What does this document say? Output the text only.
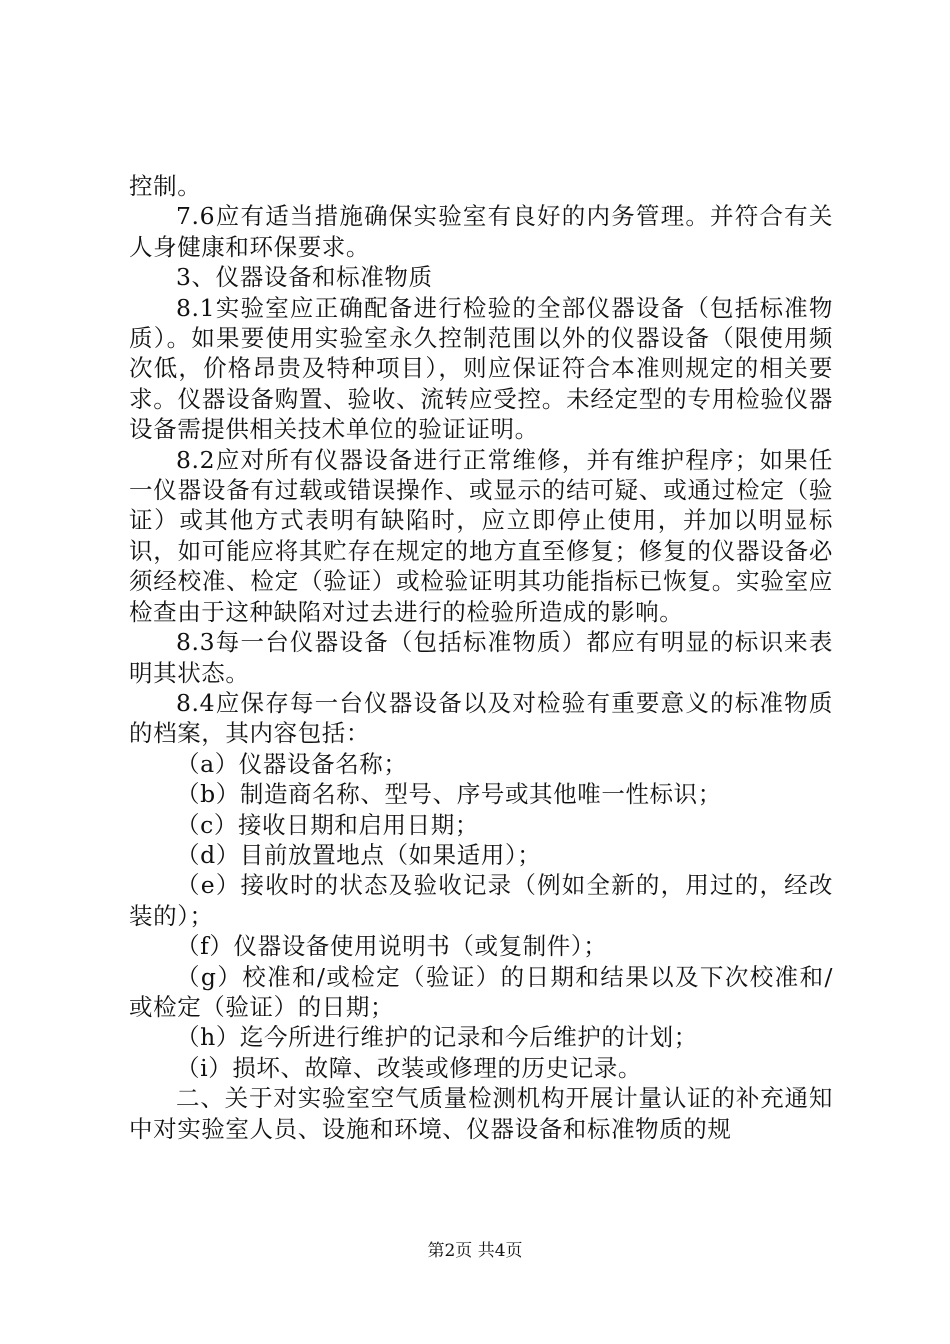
控制。

7.6应有适当措施确保实验室有良好的内务管理。并符合有关人身健康和环保要求。

3、仪器设备和标准物质

8.1实验室应正确配备进行检验的全部仪器设备（包括标准物质）。如果要使用实验室永久控制范围以外的仪器设备（限使用频次低，价格昂贵及特种项目），则应保证符合本准则规定的相关要求。仪器设备购置、验收、流转应受控。未经定型的专用检验仪器设备需提供相关技术单位的验证证明。

8.2应对所有仪器设备进行正常维修，并有维护程序；如果任一仪器设备有过载或错误操作、或显示的结可疑、或通过检定（验证）或其他方式表明有缺陷时，应立即停止使用，并加以明显标识，如可能应将其贮存在规定的地方直至修复；修复的仪器设备必须经校准、检定（验证）或检验证明其功能指标已恢复。实验室应检查由于这种缺陷对过去进行的检验所造成的影响。

8.3每一台仪器设备（包括标准物质）都应有明显的标识来表明其状态。

8.4应保存每一台仪器设备以及对检验有重要意义的标准物质的档案，其内容包括：

（a）仪器设备名称；

（b）制造商名称、型号、序号或其他唯一性标识；

（c）接收日期和启用日期；

（d）目前放置地点（如果适用）；

（e）接收时的状态及验收记录（例如全新的，用过的，经改装的）；

（f）仪器设备使用说明书（或复制件）；

（g）校准和/或检定（验证）的日期和结果以及下次校准和/或检定（验证）的日期；

（h）迄今所进行维护的记录和今后维护的计划；

（i）损坏、故障、改装或修理的历史记录。

二、关于对实验室空气质量检测机构开展计量认证的补充通知中对实验室人员、设施和环境、仪器设备和标准物质的规

第2页 共4页
